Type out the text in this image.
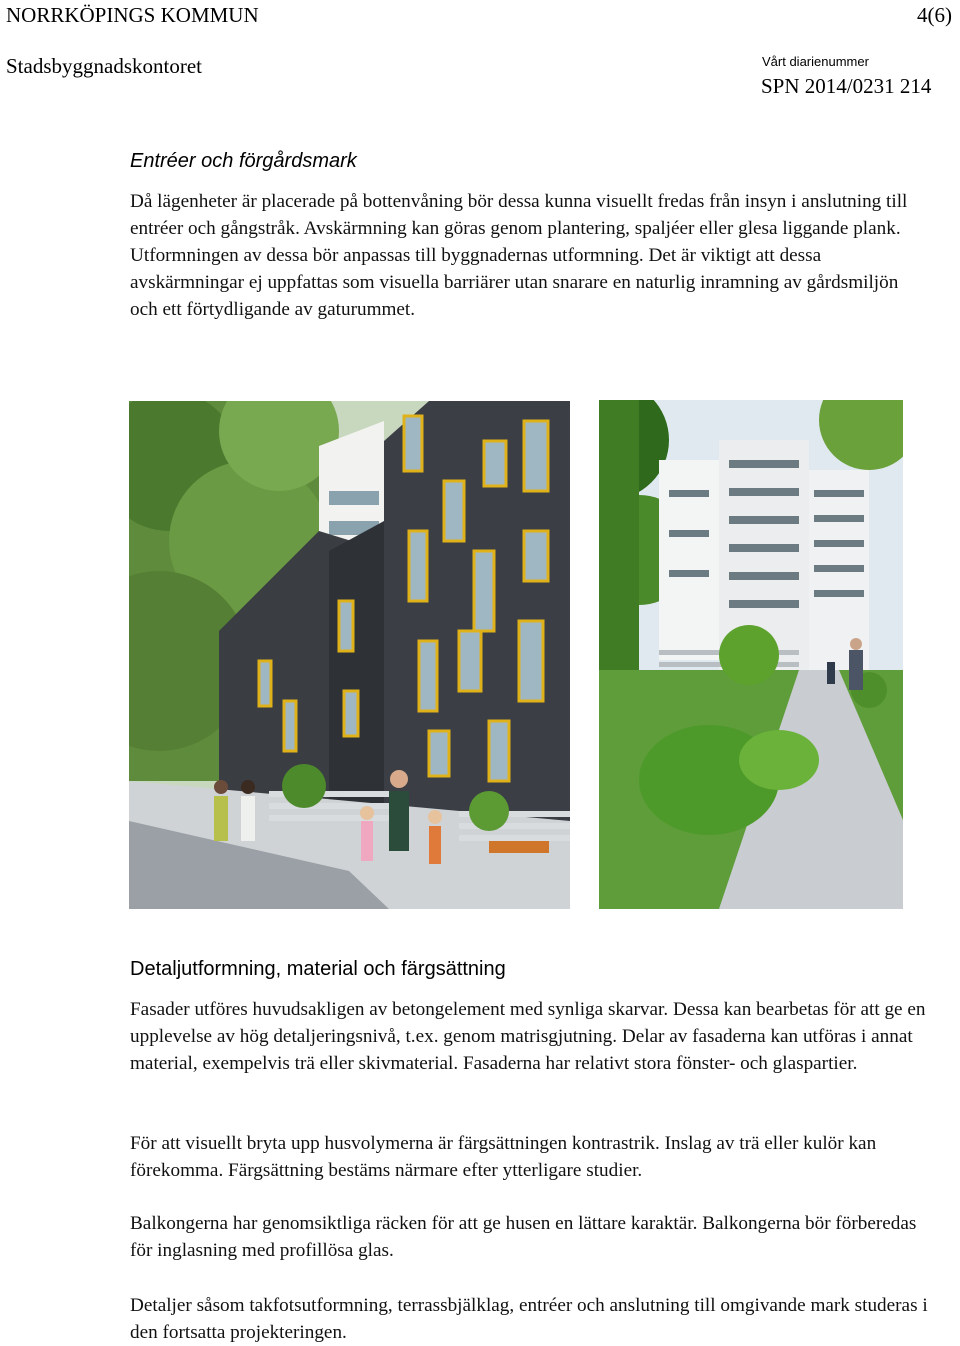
NORRKÖPINGS KOMMUN	4(6)
Stadsbyggnadskontoret	Vårt diarienummer
SPN 2014/0231 214
Entréer och förgårdsmark

Då lägenheter är placerade på bottenvåning bör dessa kunna visuellt fredas från insyn i anslutning till entréer och gångstråk. Avskärmning kan göras genom plantering, spaljéer eller glesa liggande plank. Utformningen av dessa bör anpassas till byggnadernas utformning. Det är viktigt att dessa avskärmningar ej uppfattas som visuella barriärer utan snarare en naturlig inramning av gårdsmiljön och ett förtydligande av gaturummet.

Detaljutformning, material och färgsättning

Fasader utföres huvudsakligen av betongelement med synliga skarvar. Dessa kan bearbetas för att ge en upplevelse av hög detaljeringsnivå, t.ex. genom matrisgjutning. Delar av fasaderna kan utföras i annat material, exempelvis trä eller skivmaterial. Fasaderna har relativt stora fönster- och glaspartier.

För att visuellt bryta upp husvolymerna är färgsättningen kontrastrik. Inslag av trä eller kulör kan förekomma. Färgsättning bestäms närmare efter ytterligare studier.

Balkongerna har genomsiktliga räcken för att ge husen en lättare karaktär. Balkongerna bör förberedas för inglasning med profillösa glas.

Detaljer såsom takfotsutformning, terrassbjälklag, entréer och anslutning till omgivande mark studeras i den fortsatta projekteringen.
